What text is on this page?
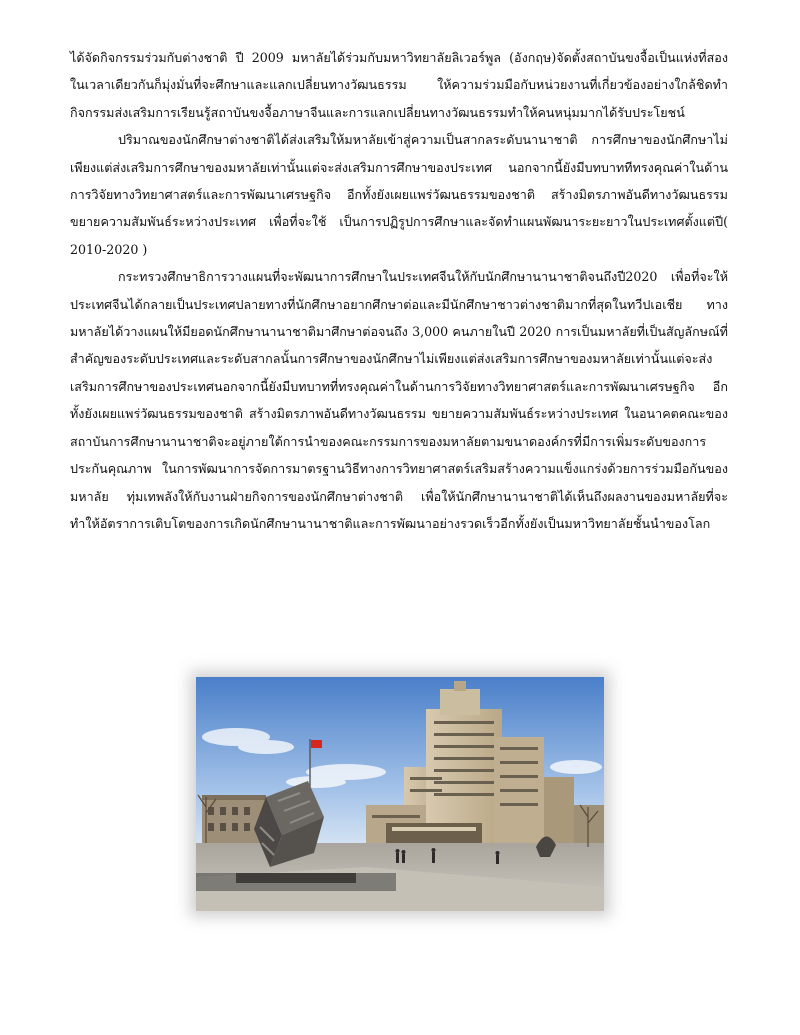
ได้จัดกิจกรรมร่วมกับต่างชาติ ปี 2009 มหาลัยได้ร่วมกับมหาวิทยาลัยลิเวอร์พูล (อังกฤษ)จัดตั้งสถาบันขงจื้อเป็นแห่งที่สอง ในเวลาเดียวกันก็มุ่งมั่นที่จะศึกษาและแลกเปลี่ยนทางวัฒนธรรม ให้ความร่วมมือกับหน่วยงานที่เกี่ยวข้องอย่างใกล้ชิดทำกิจกรรมส่งเสริมการเรียนรู้สถาบันขงจื้อภาษาจีนและการแลกเปลี่ยนทางวัฒนธรรมทำให้คนหนุ่มมากได้รับประโยชน์

ปริมาณของนักศึกษาต่างชาติได้ส่งเสริมให้มหาลัยเข้าสู่ความเป็นสากลระดับนานาชาติ การศึกษาของนักศึกษาไม่เพียงแต่ส่งเสริมการศึกษาของมหาลัยเท่านั้นแต่จะส่งเสริมการศึกษาของประเทศ นอกจากนี้ยังมีบทบาททีทรงคุณค่าในด้านการวิจัยทางวิทยาศาสตร์และการพัฒนาเศรษฐกิจ อีกทั้งยังเผยแพร่วัฒนธรรมของชาติ สร้างมิตรภาพอันดีทางวัฒนธรรม ขยายความสัมพันธ์ระหว่างประเทศ เพื่อที่จะใช้ เป็นการปฏิรูปการศึกษาและจัดทำแผนพัฒนาระยะยาวในประเทศตั้งแต่ปี( 2010-2020 )

กระทรวงศึกษาธิการวางแผนที่จะพัฒนาการศึกษาในประเทศจีนให้กับนักศึกษานานาชาติจนถึงปี2020 เพื่อที่จะให้ประเทศจีนได้กลายเป็นประเทศปลายทางที่นักศึกษาอยากศึกษาต่อและมีนักศึกษาชาวต่างชาติมากที่สุดในทวีปเอเชีย ทางมหาลัยได้วางแผนให้มียอดนักศึกษานานาชาติมาศึกษาต่อจนถึง 3,000 คนภายในปี 2020 การเป็นมหาลัยที่เป็นสัญลักษณ์ที่สำคัญของระดับประเทศและระดับสากลนั้นการศึกษาของนักศึกษาไม่เพียงแต่ส่งเสริมการศึกษาของมหาลัยเท่านั้นแต่จะส่งเสริมการศึกษาของประเทศนอกจากนี้ยังมีบทบาทที่ทรงคุณค่าในด้านการวิจัยทางวิทยาศาสตร์และการพัฒนาเศรษฐกิจ อีกทั้งยังเผยแพร่วัฒนธรรมของชาติ สร้างมิตรภาพอันดีทางวัฒนธรรม ขยายความสัมพันธ์ระหว่างประเทศ ในอนาคตคณะของสถาบันการศึกษานานาชาติจะอยู่ภายใต้การนำของคณะกรรมการของมหาลัยตามขนาดองค์กรที่มีการเพิ่มระดับของการประกันคุณภาพ ในการพัฒนาการจัดการมาตรฐานวิธีทางการวิทยาศาสตร์เสริมสร้างความแข็งแกร่งด้วยการร่วมมือกันของมหาลัย ทุ่มเทพลังให้กับงานฝ่ายกิจการของนักศึกษาต่างชาติ เพื่อให้นักศึกษานานาชาติได้เห็นถึงผลงานของมหาลัยที่จะทำให้อัตราการเติบโตของการเกิดนักศึกษานานาชาติและการพัฒนาอย่างรวดเร็วอีกทั้งยังเป็นมหาวิทยาลัยชั้นนำของโลก
